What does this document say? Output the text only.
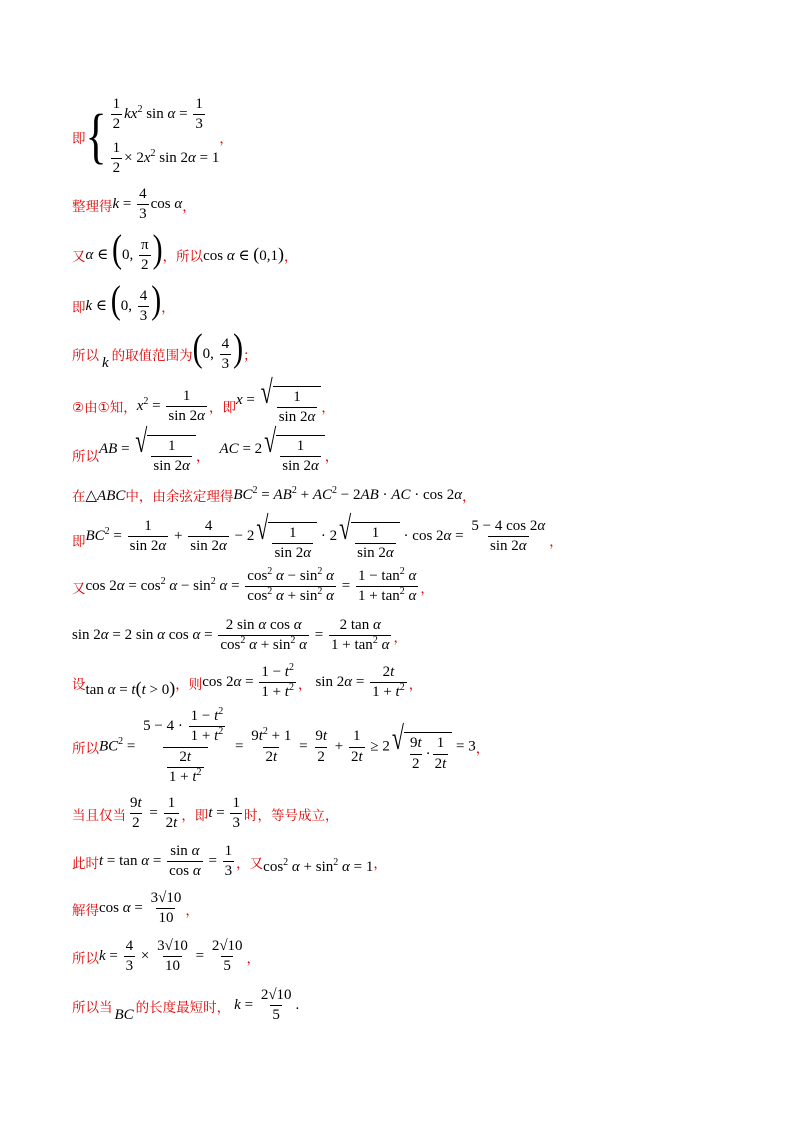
即 { $\frac{1}{2} kx^2$ $\sin \alpha = \frac{1}{3}$
$\frac{1}{2} \times 2x^2$ sin 2α = 1
，
整理得 $k = \frac{4}{3}$ cos α ，
又 α ∈ (0, $\frac{\pi}{2}$ ) ，所以 cos α ∈ (0,1) ，
即 k ∈ (0, $\frac{4}{3}$ ) ，
所以 k 的取值范围为 (0, $\frac{4}{3}$ ) ；
②由①知， $x^2 = \frac{1}{\sin 2\alpha}$ ，即
x = √ $\frac{1}{\sin 2\alpha}$ ，
所以
AB = √ $\frac{1}{\sin 2\alpha}$ ，
AC = 2 √ $\frac{1}{\sin 2\alpha}$ ，
在 △ABC 中，由余弦定理得 $BC^2 = AB^2 + AC^2 - 2AB$ · AC · cos 2α ，
即 $BC^2 = \frac{1}{\sin 2\alpha} + \frac{4}{\sin 2\alpha} - 2$ √ $\frac{1}{\sin 2\alpha} \cdot 2$ √ $\frac{1}{\sin 2\alpha} \cdot \cos 2\alpha = \frac{5 - 4 \cos 2\alpha}{\sin 2\alpha}$ ，
又 $\cos 2\alpha = \cos^2 \alpha - \sin^2 \alpha = \frac{\cos^2 \alpha - \sin^2 \alpha}{\cos^2 \alpha + \sin^2 \alpha} = \frac{1 - \tan^2 \alpha}{1 + \tan^2 \alpha}$ ，
sin 2α = 2 sin α $\cos \alpha = \frac{\text{2 sin α cos α}}{\cos^2 \alpha + \sin^2 \alpha} = \frac{\text{2 tan α}}{1 + \tan^2 \alpha}$ ，
设 tan α = t(t > 0) ，则 $\cos 2\alpha = \frac{1 - t^2}{1 + t^2}$ ， $\sin 2\alpha = \frac{2t}{1 + t^2}$ ，
所以 $BC^2 = \frac{5 - 4 \cdot \frac{1 - t^2}{1 + t^2}}{\frac{2t}{1 + t^2}} = \frac{9t^2 + 1}{2t} = \frac{9t}{2} + \frac{1}{2t} \ge 2$ √ $\frac{9t}{2} \cdot \frac{1}{2t} = 3$ ，
当且仅当 $\frac{9t}{2} = \frac{1}{2t}$ ，即 $t = \frac{1}{3}$ 时，等号成立，
此时 $t = \tan \alpha = \frac{\text{sin α}}{\text{cos α}} = \frac{1}{3}$ ，又 $\cos^2 \alpha + \sin^2 \alpha = 1$ ，
解得 $\cos \alpha = \frac{3√10}{10}$ ，
所以 $k = \frac{4}{3} \times \frac{3√10}{10} = \frac{2√10}{5}$ ，
所以当 BC 的长度最短时， $k = \frac{2√10}{5}$ .
